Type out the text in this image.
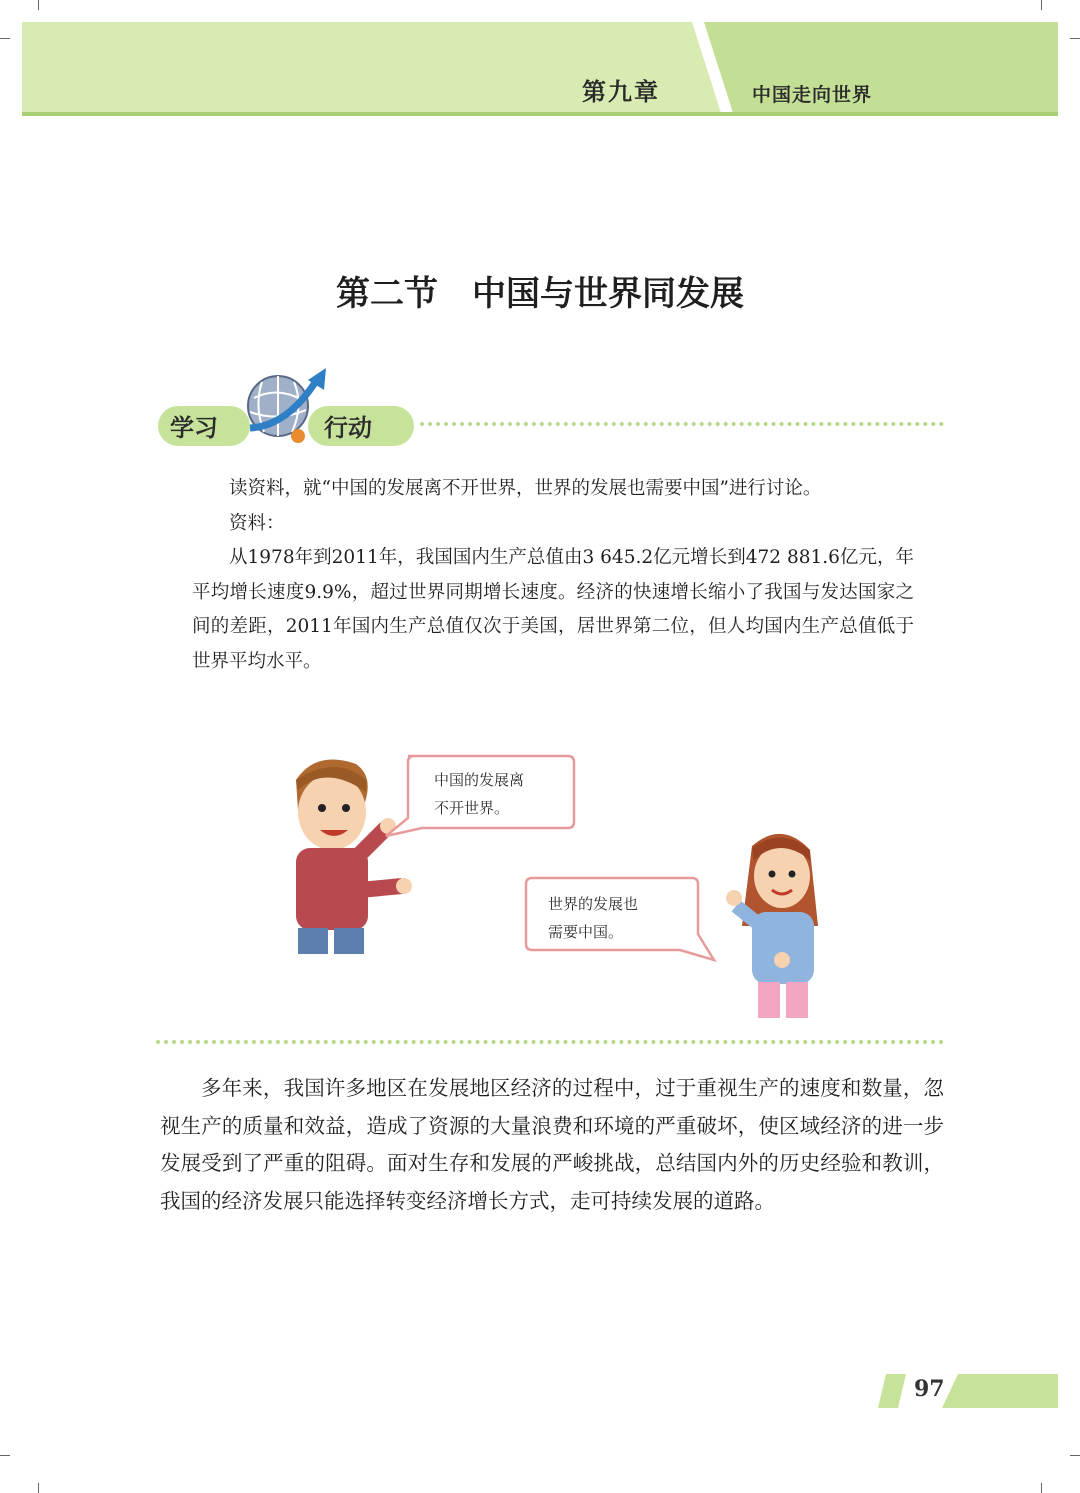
第九章	中国走向世界
第二节　中国与世界同发展
学习	行动

读资料，就“中国的发展离不开世界，世界的发展也需要中国”进行讨论。

资料：

从1978年到2011年，我国国内生产总值由3 645.2亿元增长到472 881.6亿元，年平均增长速度9.9%，超过世界同期增长速度。经济的快速增长缩小了我国与发达国家之间的差距，2011年国内生产总值仅次于美国，居世界第二位，但人均国内生产总值低于世界平均水平。

中国的发展离
不开世界。
世界的发展也
需要中国。
多年来，我国许多地区在发展地区经济的过程中，过于重视生产的速度和数量，忽视生产的质量和效益，造成了资源的大量浪费和环境的严重破坏，使区域经济的进一步发展受到了严重的阻碍。面对生存和发展的严峻挑战，总结国内外的历史经验和教训，我国的经济发展只能选择转变经济增长方式，走可持续发展的道路。
97
